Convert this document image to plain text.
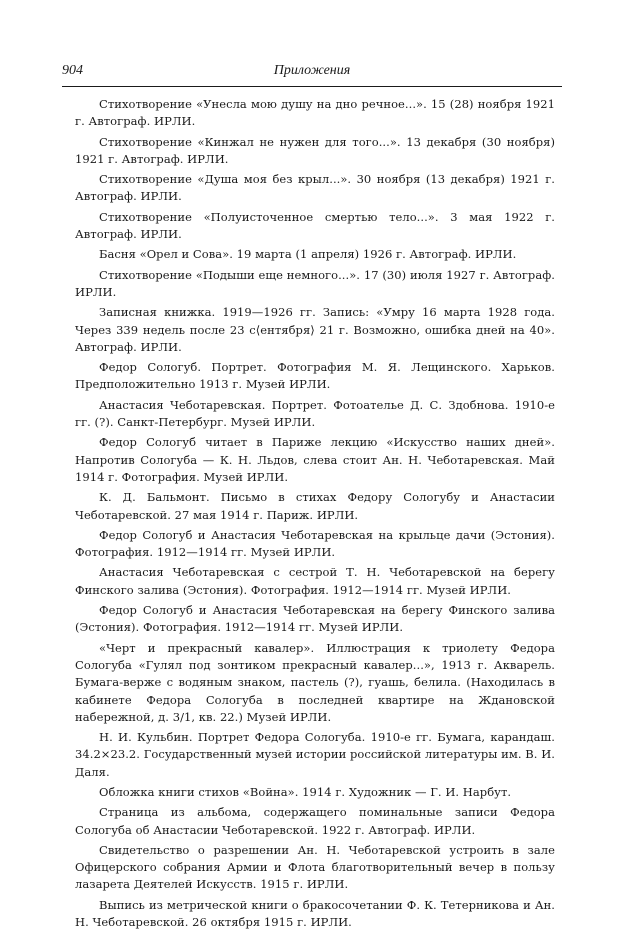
904	Приложения

Стихотворение «Унесла мою душу на дно речное...». 15 (28) ноября 1921 г. Автограф. ИРЛИ.

Стихотворение «Кинжал не нужен для того...». 13 декабря (30 ноября) 1921 г. Автограф. ИРЛИ.

Стихотворение «Душа моя без крыл...». 30 ноября (13 декабря) 1921 г. Автограф. ИРЛИ.

Стихотворение «Полуисточенное смертью тело...». 3 мая 1922 г. Автограф. ИРЛИ.

Басня «Орел и Сова». 19 марта (1 апреля) 1926 г. Автограф. ИРЛИ.

Стихотворение «Подыши еще немного...». 17 (30) июля 1927 г. Автограф. ИРЛИ.

Записная книжка. 1919—1926 гг. Запись: «Умру 16 марта 1928 года. Через 339 недель после 23 с⟨ентября⟩ 21 г. Возможно, ошибка дней на 40». Автограф. ИРЛИ.

Федор Сологуб. Портрет. Фотография М. Я. Лещинского. Харьков. Предположительно 1913 г. Музей ИРЛИ.

Анастасия Чеботаревская. Портрет. Фотоателье Д. С. Здобнова. 1910-е гг. (?). Санкт-Петербург. Музей ИРЛИ.

Федор Сологуб читает в Париже лекцию «Искусство наших дней». Напротив Сологуба — К. Н. Льдов, слева стоит Ан. Н. Чеботаревская. Май 1914 г. Фотография. Музей ИРЛИ.

К. Д. Бальмонт. Письмо в стихах Федору Сологубу и Анастасии Чеботаревской. 27 мая 1914 г. Париж. ИРЛИ.

Федор Сологуб и Анастасия Чеботаревская на крыльце дачи (Эстония). Фотография. 1912—1914 гг. Музей ИРЛИ.

Анастасия Чеботаревская с сестрой Т. Н. Чеботаревской на берегу Финского залива (Эстония). Фотография. 1912—1914 гг. Музей ИРЛИ.

Федор Сологуб и Анастасия Чеботаревская на берегу Финского залива (Эстония). Фотография. 1912—1914 гг. Музей ИРЛИ.

«Черт и прекрасный кавалер». Иллюстрация к триолету Федора Сологуба «Гулял под зонтиком прекрасный кавалер...», 1913 г. Акварель. Бумага-верже с водяным знаком, пастель (?), гуашь, белила. (Находилась в кабинете Федора Сологуба в последней квартире на Ждановской набережной, д. 3/1, кв. 22.) Музей ИРЛИ.

Н. И. Кульбин. Портрет Федора Сологуба. 1910-е гг. Бумага, карандаш. 34.2×23.2. Государственный музей истории российской литературы им. В. И. Даля.

Обложка книги стихов «Война». 1914 г. Художник — Г. И. Нарбут.

Страница из альбома, содержащего поминальные записи Федора Сологуба об Анастасии Чеботаревской. 1922 г. Автограф. ИРЛИ.

Свидетельство о разрешении Ан. Н. Чеботаревской устроить в зале Офицерского собрания Армии и Флота благотворительный вечер в пользу лазарета Деятелей Искусств. 1915 г. ИРЛИ.

Выпись из метрической книги о бракосочетании Ф. К. Тетерникова и Ан. Н. Чеботаревской. 26 октября 1915 г. ИРЛИ.
